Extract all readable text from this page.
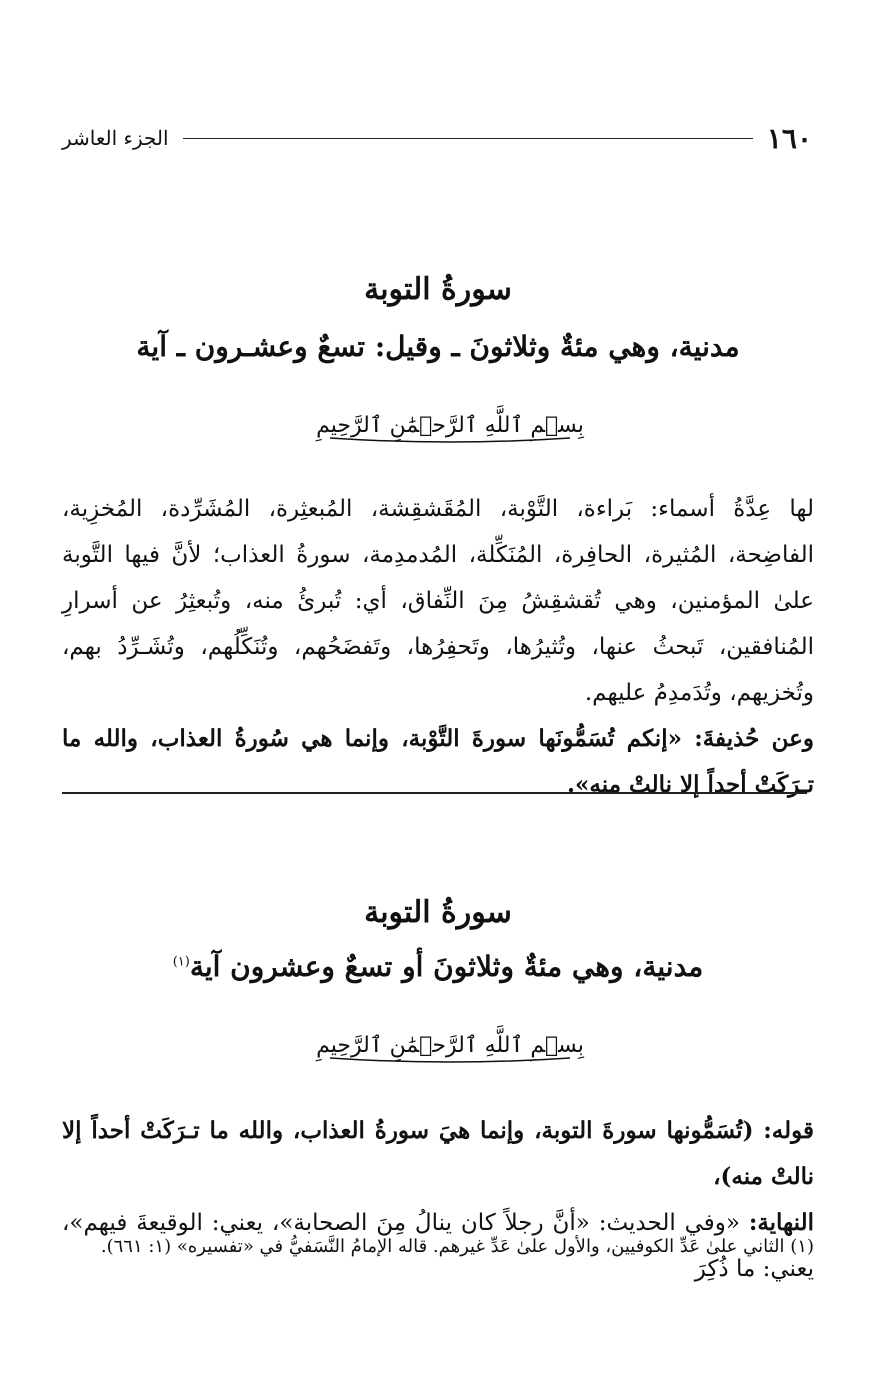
١٦٠
الجزء العاشر
سورةُ التوبة
مدنية، وهي مئةٌ وثلاثونَ ـ وقيل: تسعٌ وعشـرون ـ آية
بِسۡمِ ٱللَّهِ ٱلرَّحۡمَٰنِ ٱلرَّحِيمِ

لها عِدَّةُ أسماء: بَراءة، التَّوْبة، المُقَشقِشة، المُبعثِرة، المُشَرِّدة، المُخزِية، الفاضِحة، المُثيرة، الحافِرة، المُنَكِّلة، المُدمدِمة، سورةُ العذاب؛ لأنَّ فيها التَّوبة علىٰ المؤمنين، وهي تُقشقِشُ مِنَ النِّفاق، أي: تُبرئُ منه، وتُبعثِرُ عن أسرارِ المُنافقين، تَبحثُ عنها، وتُثيرُها، وتَحفِرُها، وتَفضَحُهم، وتُنَكِّلُهم، وتُشَـرِّدُ بهم، وتُخزيهم، وتُدَمدِمُ عليهم.

وعن حُذيفةَ: «إنكم تُسَمُّونَها سورةَ التَّوْبة، وإنما هي سُورةُ العذاب، والله ما تـرَكَتْ أحداً إلا نالتْ منه».

سورةُ التوبة
مدنية، وهي مئةٌ وثلاثونَ أو تسعٌ وعشرون آية$^{(١)}$
بِسۡمِ ٱللَّهِ ٱلرَّحۡمَٰنِ ٱلرَّحِيمِ

قوله: (تُسَمُّونها سورةَ التوبة، وإنما هيَ سورةُ العذاب، والله ما تـرَكَتْ أحداً إلا نالتْ منه)،

النهاية: «وفي الحديث: «أنَّ رجلاً كان ينالُ مِنَ الصحابة»، يعني: الوقيعةَ فيهم»، يعني: ما ذُكِرَ

(١) الثاني علىٰ عَدِّ الكوفيين، والأول علىٰ عَدِّ غيرهم. قاله الإمامُ النَّسَفيُّ في «تفسيره» (١: ٦٦١).
